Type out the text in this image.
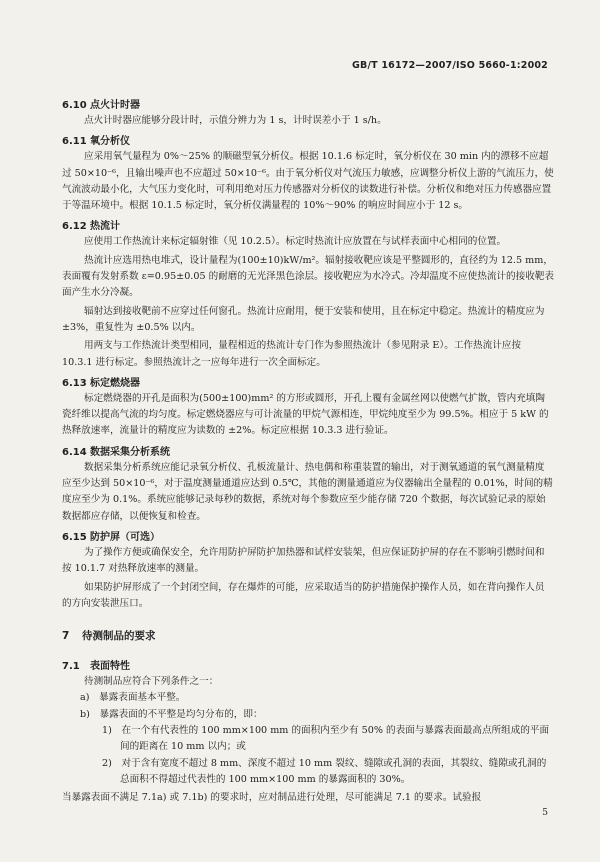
GB/T 16172—2007/ISO 5660-1:2002

6.10 点火计时器

点火计时器应能够分段计时，示值分辨力为 1 s，计时误差小于 1 s/h。

6.11 氧分析仪

应采用氧气量程为 0%～25% 的顺磁型氧分析仪。根据 10.1.6 标定时，氧分析仪在 30 min 内的漂移不应超过 50×10⁻⁶，且输出噪声也不应超过 50×10⁻⁶。由于氧分析仪对气流压力敏感，应调整分析仪上游的气流压力，使气流波动最小化，大气压力变化时，可利用绝对压力传感器对分析仪的读数进行补偿。分析仪和绝对压力传感器应置于等温环境中。根据 10.1.5 标定时，氧分析仪满量程的 10%～90% 的响应时间应小于 12 s。

6.12 热流计

应使用工作热流计来标定辐射锥（见 10.2.5）。标定时热流计应放置在与试样表面中心相同的位置。

热流计应选用热电堆式，设计量程为(100±10)kW/m²。辐射接收靶应该是平整圆形的，直径约为 12.5 mm，表面覆有发射系数 ε=0.95±0.05 的耐磨的无光泽黑色涂层。接收靶应为水冷式。冷却温度不应使热流计的接收靶表面产生水分冷凝。

辐射达到接收靶前不应穿过任何窗孔。热流计应耐用，便于安装和使用，且在标定中稳定。热流计的精度应为 ±3%，重复性为 ±0.5% 以内。

用两支与工作热流计类型相同，量程相近的热流计专门作为参照热流计（参见附录 E）。工作热流计应按 10.3.1 进行标定。参照热流计之一应每年进行一次全面标定。

6.13 标定燃烧器

标定燃烧器的开孔是面积为(500±100)mm² 的方形或圆形，开孔上覆有金属丝网以使燃气扩散，管内充填陶瓷纤维以提高气流的均匀度。标定燃烧器应与可计流量的甲烷气源相连，甲烷纯度至少为 99.5%。相应于 5 kW 的热释放速率，流量计的精度应为读数的 ±2%。标定应根据 10.3.3 进行验证。

6.14 数据采集分析系统

数据采集分析系统应能记录氧分析仪、孔板流量计、热电偶和称重装置的输出，对于测氧通道的氧气测量精度应至少达到 50×10⁻⁶，对于温度测量通道应达到 0.5℃，其他的测量通道应为仪器输出全量程的 0.01%，时间的精度应至少为 0.1%。系统应能够记录每秒的数据，系统对每个参数应至少能存储 720 个数据，每次试验记录的原始数据都应存储，以便恢复和检查。

6.15 防护屏（可选）

为了操作方便或确保安全，允许用防护屏防护加热器和试样安装架，但应保证防护屏的存在不影响引燃时间和按 10.1.7 对热释放速率的测量。

如果防护屏形成了一个封闭空间，存在爆炸的可能，应采取适当的防护措施保护操作人员，如在背向操作人员的方向安装泄压口。

7 待测制品的要求

7.1 表面特性

待测制品应符合下列条件之一：

a)　暴露表面基本平整。

b)　暴露表面的不平整是均匀分布的，即：

1)　在一个有代表性的 100 mm×100 mm 的面积内至少有 50% 的表面与暴露表面最高点所组成的平面间的距离在 10 mm 以内；或

2)　对于含有宽度不超过 8 mm、深度不超过 10 mm 裂纹、缝隙或孔洞的表面，其裂纹、缝隙或孔洞的总面积不得超过代表性的 100 mm×100 mm 的暴露面积的 30%。

当暴露表面不满足 7.1a) 或 7.1b) 的要求时，应对制品进行处理，尽可能满足 7.1 的要求。试验报

5
